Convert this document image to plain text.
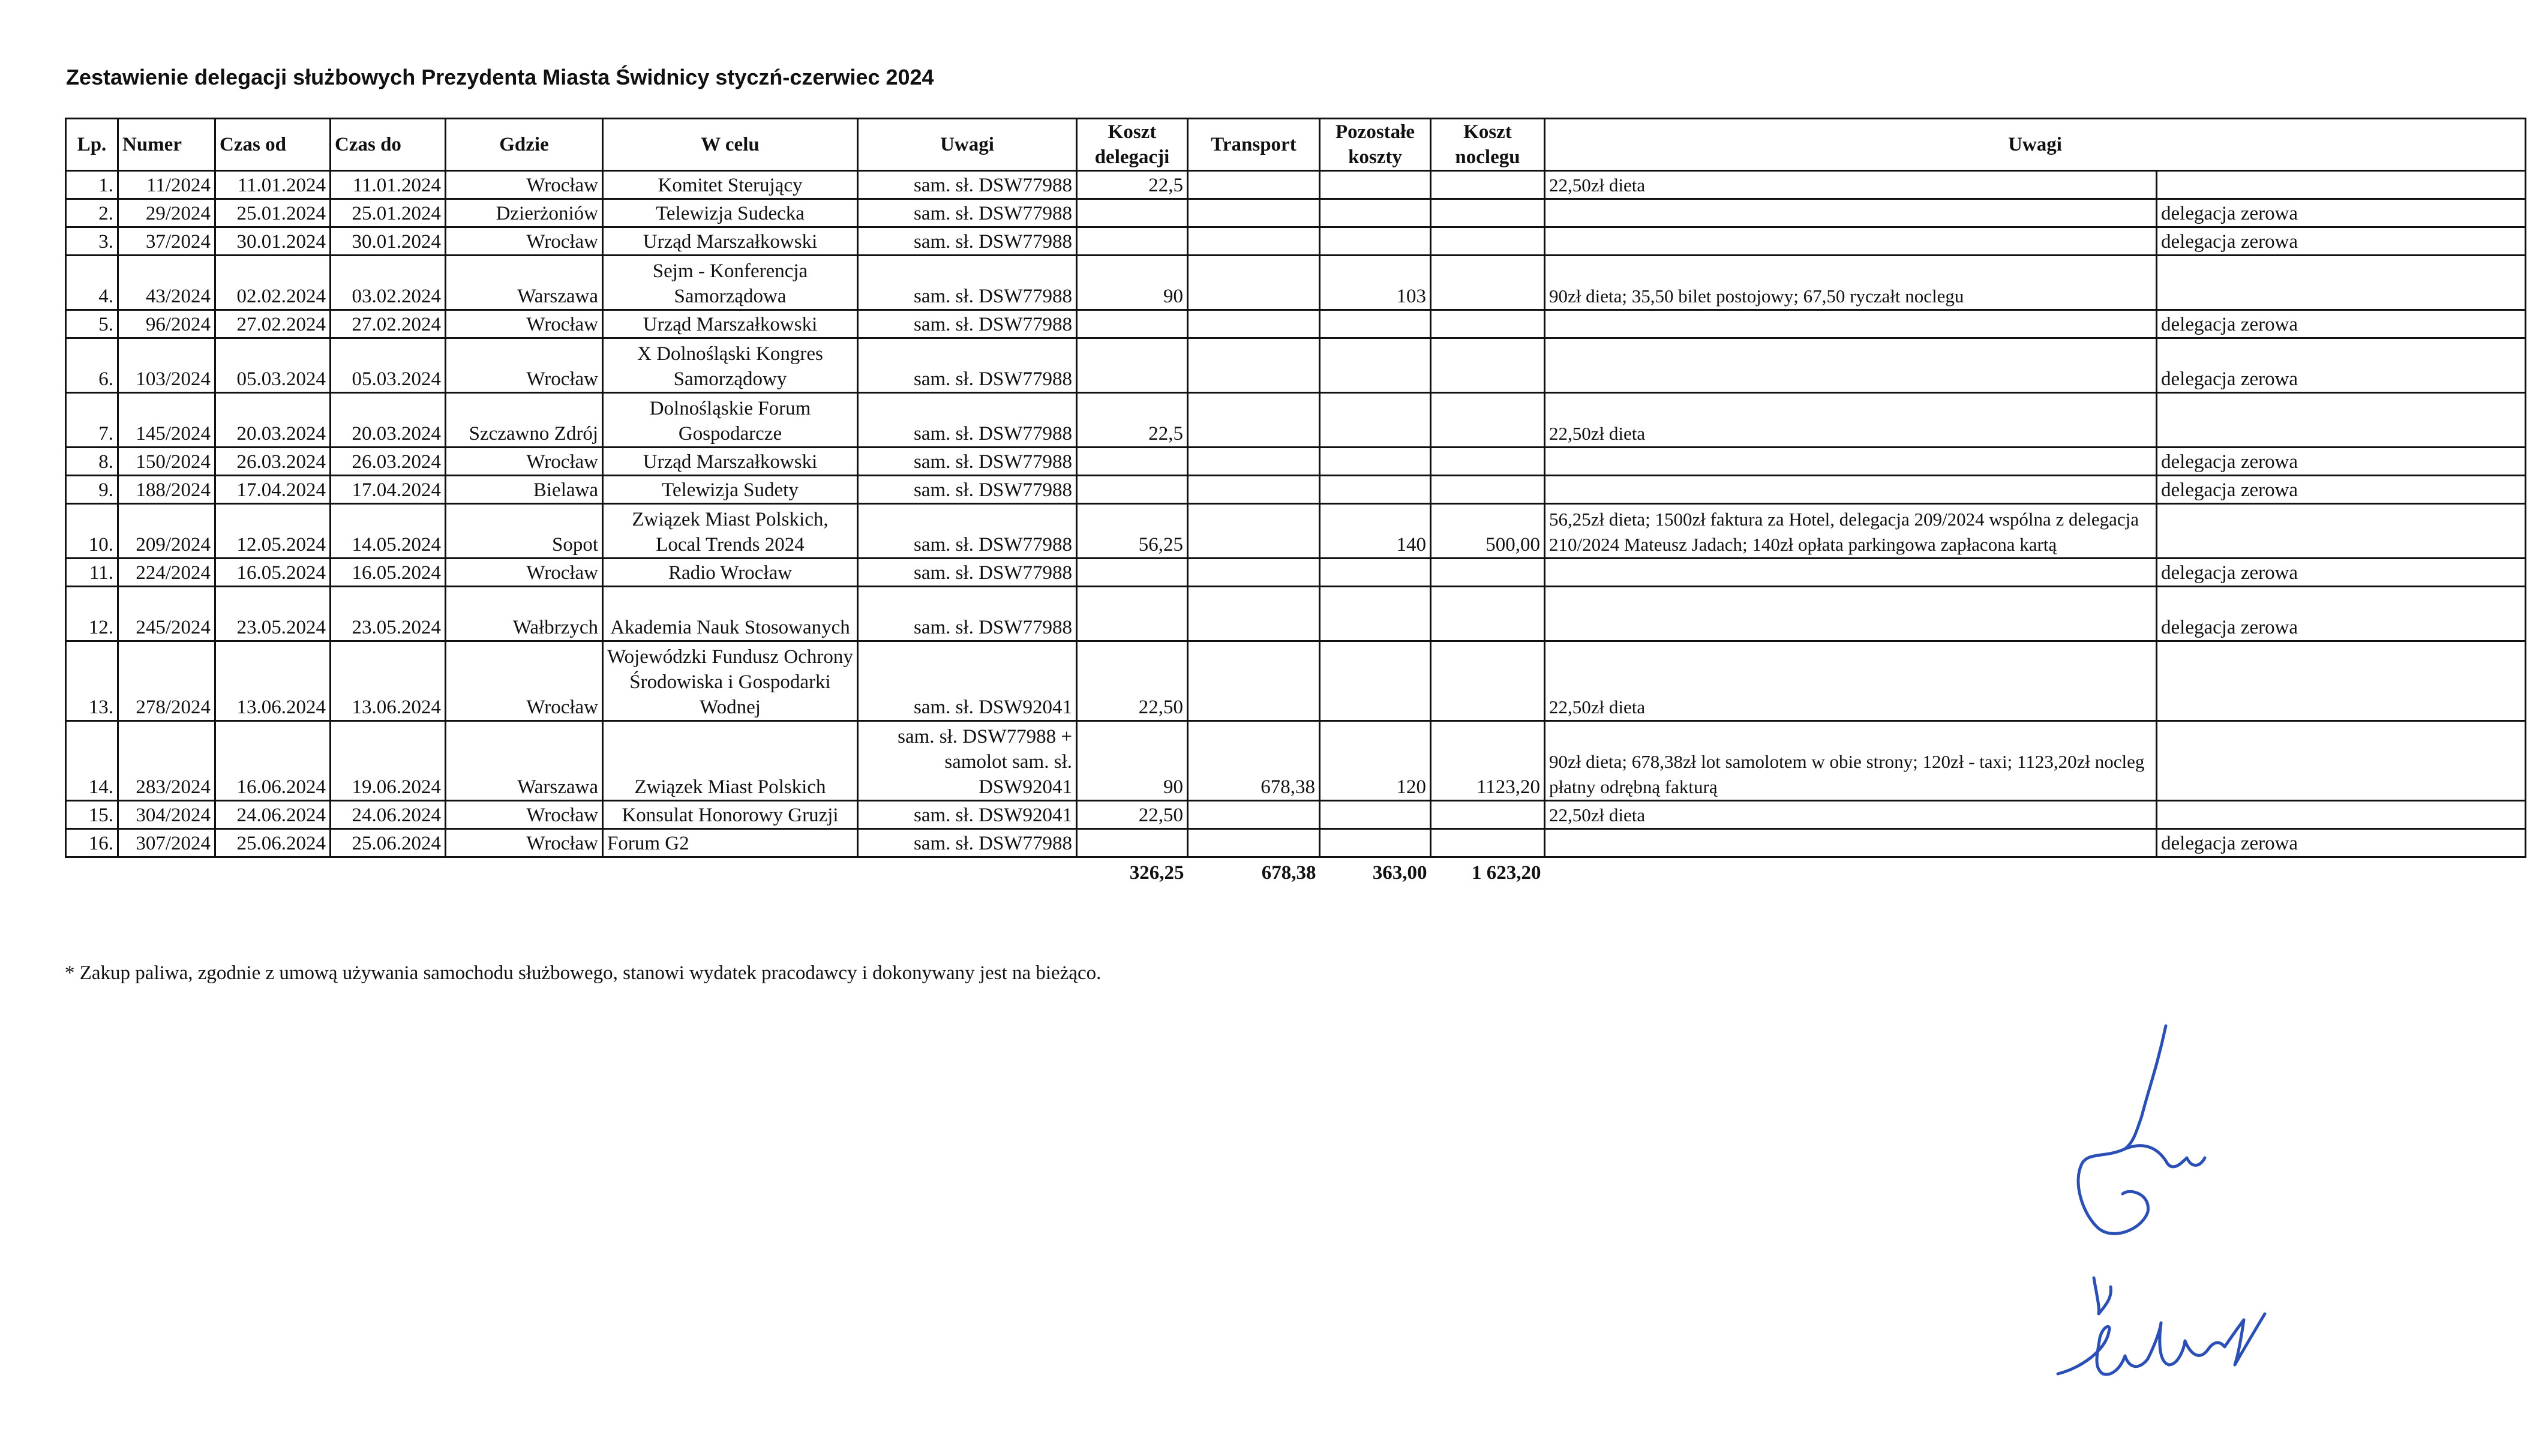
Zestawienie delegacji służbowych Prezydenta Miasta Świdnicy styczń-czerwiec 2024
Lp.	Numer	Czas od	Czas do	Gdzie	W celu	Uwagi	Koszt delegacji	Transport	Pozostałe koszty	Koszt noclegu	Uwagi	
1.	11/2024	11.01.2024	11.01.2024	Wrocław	Komitet Sterujący	sam. sł. DSW77988	22,5				22,50zł dieta	
2.	29/2024	25.01.2024	25.01.2024	Dzierżoniów	Telewizja Sudecka	sam. sł. DSW77988						delegacja zerowa
3.	37/2024	30.01.2024	30.01.2024	Wrocław	Urząd Marszałkowski	sam. sł. DSW77988						delegacja zerowa
4.	43/2024	02.02.2024	03.02.2024	Warszawa	Sejm - Konferencja Samorządowa	sam. sł. DSW77988	90		103		90zł dieta; 35,50 bilet postojowy; 67,50 ryczałt noclegu	
5.	96/2024	27.02.2024	27.02.2024	Wrocław	Urząd Marszałkowski	sam. sł. DSW77988						delegacja zerowa
6.	103/2024	05.03.2024	05.03.2024	Wrocław	X Dolnośląski Kongres Samorządowy	sam. sł. DSW77988						delegacja zerowa
7.	145/2024	20.03.2024	20.03.2024	Szczawno Zdrój	Dolnośląskie Forum Gospodarcze	sam. sł. DSW77988	22,5				22,50zł dieta	
8.	150/2024	26.03.2024	26.03.2024	Wrocław	Urząd Marszałkowski	sam. sł. DSW77988						delegacja zerowa
9.	188/2024	17.04.2024	17.04.2024	Bielawa	Telewizja Sudety	sam. sł. DSW77988						delegacja zerowa
10.	209/2024	12.05.2024	14.05.2024	Sopot	Związek Miast Polskich, Local Trends 2024	sam. sł. DSW77988	56,25		140	500,00	56,25zł dieta; 1500zł faktura za Hotel, delegacja 209/2024 wspólna z delegacja 210/2024 Mateusz Jadach; 140zł opłata parkingowa zapłacona kartą	
11.	224/2024	16.05.2024	16.05.2024	Wrocław	Radio Wrocław	sam. sł. DSW77988						delegacja zerowa
12.	245/2024	23.05.2024	23.05.2024	Wałbrzych	Akademia Nauk Stosowanych	sam. sł. DSW77988						delegacja zerowa
13.	278/2024	13.06.2024	13.06.2024	Wrocław	Wojewódzki Fundusz Ochrony Środowiska i Gospodarki Wodnej	sam. sł. DSW92041	22,50				22,50zł dieta	
14.	283/2024	16.06.2024	19.06.2024	Warszawa	Związek Miast Polskich	sam. sł. DSW77988 + samolot sam. sł. DSW92041	90	678,38	120	1123,20	90zł dieta; 678,38zł lot samolotem w obie strony; 120zł - taxi; 1123,20zł nocleg płatny odrębną fakturą	
15.	304/2024	24.06.2024	24.06.2024	Wrocław	Konsulat Honorowy Gruzji	sam. sł. DSW92041	22,50				22,50zł dieta	
16.	307/2024	25.06.2024	25.06.2024	Wrocław	Forum G2	sam. sł. DSW77988						delegacja zerowa
							326,25	678,38	363,00	1 623,20		
* Zakup paliwa, zgodnie z umową używania samochodu służbowego, stanowi wydatek pracodawcy i dokonywany jest na bieżąco.
